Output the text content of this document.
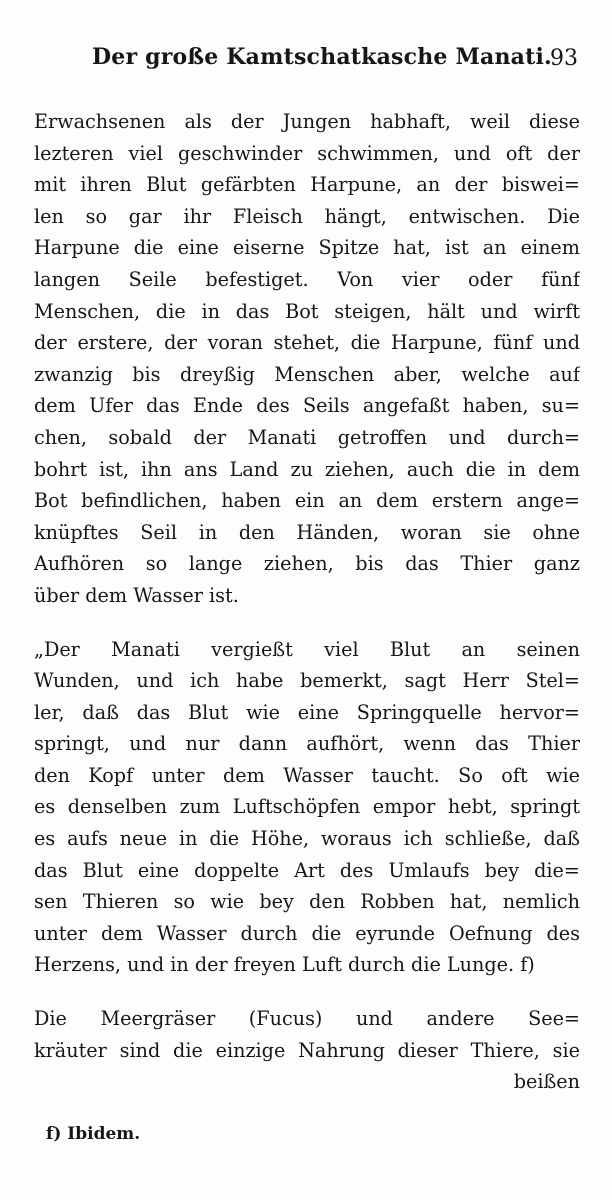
Der große Kamtschatkasche Manati.
93
Erwachsenen als der Jungen habhaft, weil diese
lezteren viel geschwinder schwimmen, und oft der
mit ihren Blut gefärbten Harpune, an der biswei=
len so gar ihr Fleisch hängt, entwischen. Die
Harpune die eine eiserne Spitze hat, ist an einem
langen Seile befestiget. Von vier oder fünf
Menschen, die in das Bot steigen, hält und wirft
der erstere, der voran stehet, die Harpune, fünf und
zwanzig bis dreyßig Menschen aber, welche auf
dem Ufer das Ende des Seils angefaßt haben, su=
chen, sobald der Manati getroffen und durch=
bohrt ist, ihn ans Land zu ziehen, auch die in dem
Bot befindlichen, haben ein an dem erstern ange=
knüpftes Seil in den Händen, woran sie ohne
Aufhören so lange ziehen, bis das Thier ganz
über dem Wasser ist.
„Der Manati vergießt viel Blut an seinen
Wunden, und ich habe bemerkt, sagt Herr Stel=
ler, daß das Blut wie eine Springquelle hervor=
springt, und nur dann aufhört, wenn das Thier
den Kopf unter dem Wasser taucht. So oft wie
es denselben zum Luftschöpfen empor hebt, springt
es aufs neue in die Höhe, woraus ich schließe, daß
das Blut eine doppelte Art des Umlaufs bey die=
sen Thieren so wie bey den Robben hat, nemlich
unter dem Wasser durch die eyrunde Oefnung des
Herzens, und in der freyen Luft durch die Lunge. f)
Die Meergräser (Fucus) und andere See=
kräuter sind die einzige Nahrung dieser Thiere, sie
beißen
f) Ibidem.
